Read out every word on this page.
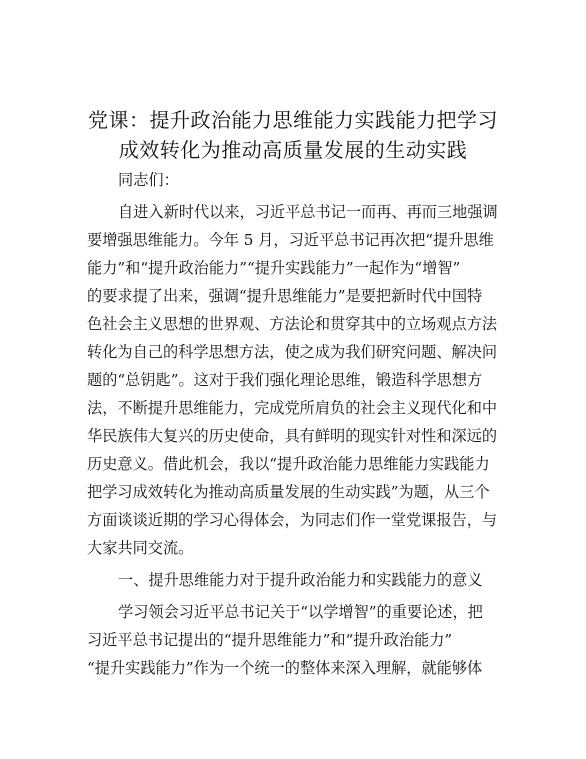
党课：提升政治能力思维能力实践能力把学习
成效转化为推动高质量发展的生动实践
同志们：
自进入新时代以来，习近平总书记一而再、再而三地强调
要增强思维能力。今年 5 月，习近平总书记再次把“提升思维
能力”和“提升政治能力”“提升实践能力”一起作为“增智”
的要求提了出来，强调“提升思维能力”是要把新时代中国特
色社会主义思想的世界观、方法论和贯穿其中的立场观点方法
转化为自己的科学思想方法，使之成为我们研究问题、解决问
题的“总钥匙”。这对于我们强化理论思维，锻造科学思想方
法，不断提升思维能力，完成党所肩负的社会主义现代化和中
华民族伟大复兴的历史使命，具有鲜明的现实针对性和深远的
历史意义。借此机会，我以“提升政治能力思维能力实践能力
把学习成效转化为推动高质量发展的生动实践”为题，从三个
方面谈谈近期的学习心得体会，为同志们作一堂党课报告，与
大家共同交流。
一、提升思维能力对于提升政治能力和实践能力的意义
学习领会习近平总书记关于“以学增智”的重要论述，把
习近平总书记提出的“提升思维能力”和“提升政治能力”
“提升实践能力”作为一个统一的整体来深入理解，就能够体
